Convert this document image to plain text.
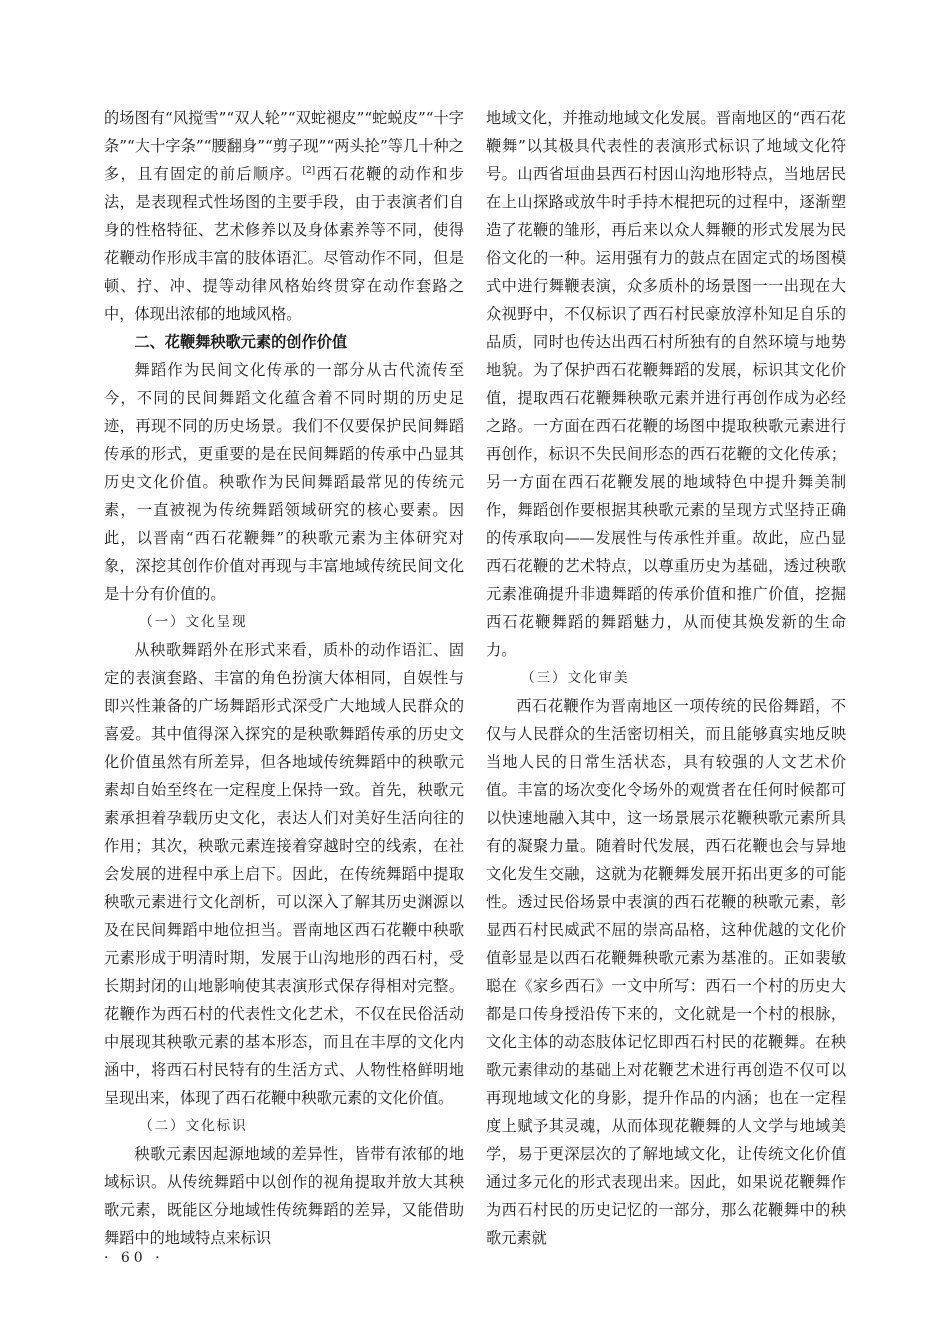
的场图有“风搅雪”“双人轮”“双蛇褪皮”“蛇蜕皮”“十字条”“大十字条”“腰翻身”“剪子现”“两头抡”等几十种之多，且有固定的前后顺序。[2]西石花鞭的动作和步法，是表现程式性场图的主要手段，由于表演者们自身的性格特征、艺术修养以及身体素养等不同，使得花鞭动作形成丰富的肢体语汇。尽管动作不同，但是顿、拧、冲、提等动律风格始终贯穿在动作套路之中，体现出浓郁的地域风格。

二、花鞭舞秧歌元素的创作价值

舞蹈作为民间文化传承的一部分从古代流传至今，不同的民间舞蹈文化蕴含着不同时期的历史足迹，再现不同的历史场景。我们不仅要保护民间舞蹈传承的形式，更重要的是在民间舞蹈的传承中凸显其历史文化价值。秧歌作为民间舞蹈最常见的传统元素，一直被视为传统舞蹈领域研究的核心要素。因此，以晋南“西石花鞭舞”的秧歌元素为主体研究对象，深挖其创作价值对再现与丰富地域传统民间文化是十分有价值的。

（一）文化呈现

从秧歌舞蹈外在形式来看，质朴的动作语汇、固定的表演套路、丰富的角色扮演大体相同，自娱性与即兴性兼备的广场舞蹈形式深受广大地域人民群众的喜爱。其中值得深入探究的是秧歌舞蹈传承的历史文化价值虽然有所差异，但各地域传统舞蹈中的秧歌元素却自始至终在一定程度上保持一致。首先，秧歌元素承担着孕载历史文化，表达人们对美好生活向往的作用；其次，秧歌元素连接着穿越时空的线索，在社会发展的进程中承上启下。因此，在传统舞蹈中提取秧歌元素进行文化剖析，可以深入了解其历史渊源以及在民间舞蹈中地位担当。晋南地区西石花鞭中秧歌元素形成于明清时期，发展于山沟地形的西石村，受长期封闭的山地影响使其表演形式保存得相对完整。花鞭作为西石村的代表性文化艺术，不仅在民俗活动中展现其秧歌元素的基本形态，而且在丰厚的文化内涵中，将西石村民特有的生活方式、人物性格鲜明地呈现出来，体现了西石花鞭中秧歌元素的文化价值。

（二）文化标识

秧歌元素因起源地域的差异性，皆带有浓郁的地域标识。从传统舞蹈中以创作的视角提取并放大其秧歌元素，既能区分地域性传统舞蹈的差异，又能借助舞蹈中的地域特点来标识

地域文化，并推动地域文化发展。晋南地区的“西石花鞭舞”以其极具代表性的表演形式标识了地域文化符号。山西省垣曲县西石村因山沟地形特点，当地居民在上山探路或放牛时手持木棍把玩的过程中，逐渐塑造了花鞭的雏形，再后来以众人舞鞭的形式发展为民俗文化的一种。运用强有力的鼓点在固定式的场图模式中进行舞鞭表演，众多质朴的场景图一一出现在大众视野中，不仅标识了西石村民豪放淳朴知足自乐的品质，同时也传达出西石村所独有的自然环境与地势地貌。为了保护西石花鞭舞蹈的发展，标识其文化价值，提取西石花鞭舞秧歌元素并进行再创作成为必经之路。一方面在西石花鞭的场图中提取秧歌元素进行再创作，标识不失民间形态的西石花鞭的文化传承；另一方面在西石花鞭发展的地域特色中提升舞美制作，舞蹈创作要根据其秧歌元素的呈现方式坚持正确的传承取向——发展性与传承性并重。故此，应凸显西石花鞭的艺术特点，以尊重历史为基础，透过秧歌元素准确提升非遗舞蹈的传承价值和推广价值，挖掘西石花鞭舞蹈的舞蹈魅力，从而使其焕发新的生命力。

（三）文化审美

西石花鞭作为晋南地区一项传统的民俗舞蹈，不仅与人民群众的生活密切相关，而且能够真实地反映当地人民的日常生活状态，具有较强的人文艺术价值。丰富的场次变化令场外的观赏者在任何时候都可以快速地融入其中，这一场景展示花鞭秧歌元素所具有的凝聚力量。随着时代发展，西石花鞭也会与异地文化发生交融，这就为花鞭舞发展开拓出更多的可能性。透过民俗场景中表演的西石花鞭的秧歌元素，彰显西石村民威武不屈的崇高品格，这种优越的文化价值彰显是以西石花鞭舞秧歌元素为基准的。正如裴敏聪在《家乡西石》一文中所写：西石一个村的历史大都是口传身授沿传下来的，文化就是一个村的根脉，文化主体的动态肢体记忆即西石村民的花鞭舞。在秧歌元素律动的基础上对花鞭艺术进行再创造不仅可以再现地域文化的身影，提升作品的内涵；也在一定程度上赋予其灵魂，从而体现花鞭舞的人文学与地域美学，易于更深层次的了解地域文化，让传统文化价值通过多元化的形式表现出来。因此，如果说花鞭舞作为西石村民的历史记忆的一部分，那么花鞭舞中的秧歌元素就

· 60 ·
